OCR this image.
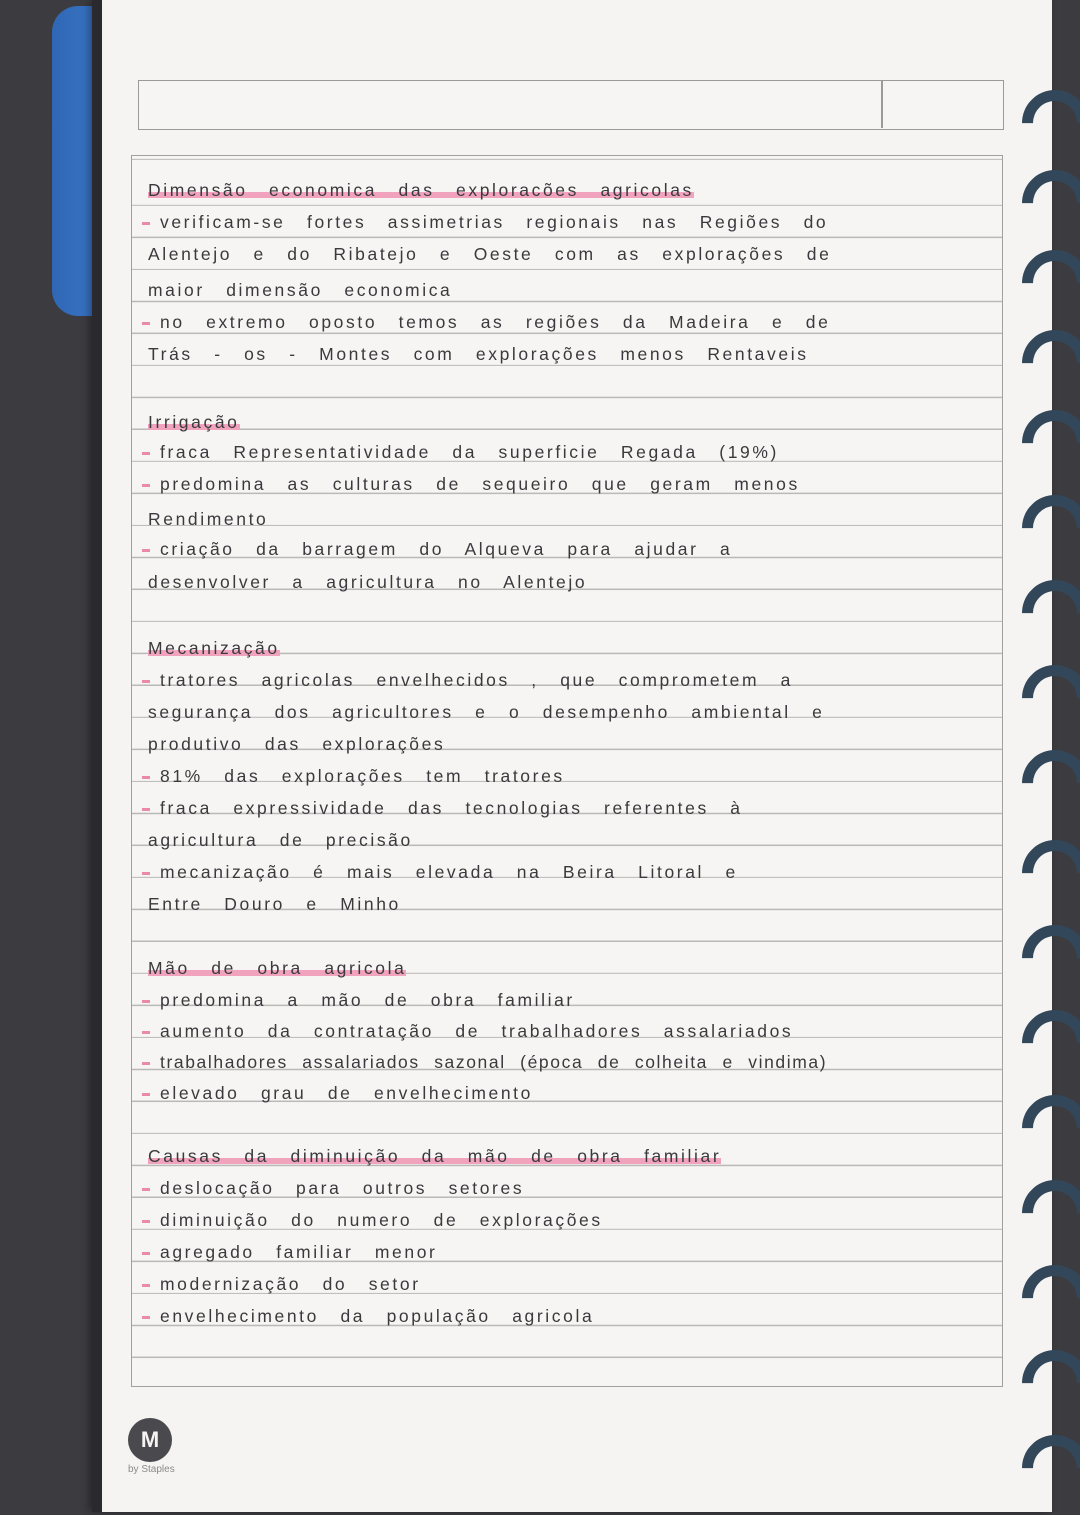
Dimensão economica das exploracões agricolas
verificam-se fortes assimetrias regionais nas Regiões do
Alentejo e do Ribatejo e Oeste com as explorações de
maior dimensão economica
no extremo oposto temos as regiões da Madeira e de
Trás - os - Montes com explorações menos Rentaveis
Irrigação
fraca Representatividade da superficie Regada (19%)
predomina as culturas de sequeiro que geram menos
Rendimento
criação da barragem do Alqueva para ajudar a
desenvolver a agricultura no Alentejo
Mecanização
tratores agricolas envelhecidos , que comprometem a
segurança dos agricultores e o desempenho ambiental e
produtivo das explorações
81% das explorações tem tratores
fraca expressividade das tecnologias referentes à
agricultura de precisão
mecanização é mais elevada na Beira Litoral e
Entre Douro e Minho
Mão de obra agricola
predomina a mão de obra familiar
aumento da contratação de trabalhadores assalariados
trabalhadores assalariados sazonal (época de colheita e vindima)
elevado grau de envelhecimento
Causas da diminuição da mão de obra familiar
deslocação para outros setores
diminuição do numero de explorações
agregado familiar menor
modernização do setor
envelhecimento da população agricola
M
by Staples
